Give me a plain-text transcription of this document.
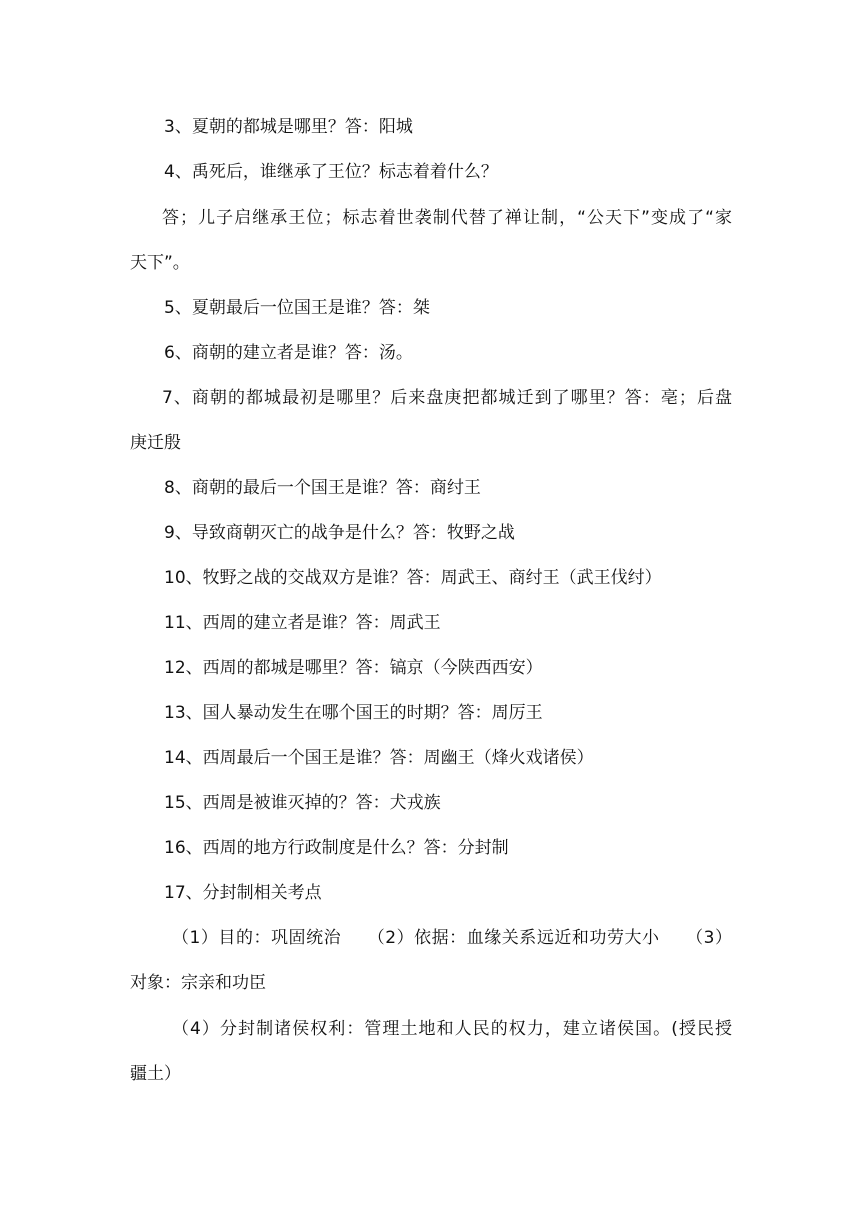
3、夏朝的都城是哪里？答：阳城
4、禹死后，谁继承了王位？标志着着什么？
答；儿子启继承王位；标志着世袭制代替了禅让制，“公天下”变成了“家
天下”。
5、夏朝最后一位国王是谁？答：桀
6、商朝的建立者是谁？答：汤。
7、商朝的都城最初是哪里？后来盘庚把都城迁到了哪里？答：亳；后盘
庚迁殷
8、商朝的最后一个国王是谁？答：商纣王
9、导致商朝灭亡的战争是什么？答：牧野之战
10、牧野之战的交战双方是谁？答：周武王、商纣王（武王伐纣）
11、西周的建立者是谁？答：周武王
12、西周的都城是哪里？答：镐京（今陕西西安）
13、国人暴动发生在哪个国王的时期？答：周厉王
14、西周最后一个国王是谁？答：周幽王（烽火戏诸侯）
15、西周是被谁灭掉的？答：犬戎族
16、西周的地方行政制度是什么？答：分封制
17、分封制相关考点
（1）目的：巩固统治　　（2）依据：血缘关系远近和功劳大小　　（3）
对象：宗亲和功臣
（4）分封制诸侯权利：管理土地和人民的权力，建立诸侯国。(授民授
疆土）
